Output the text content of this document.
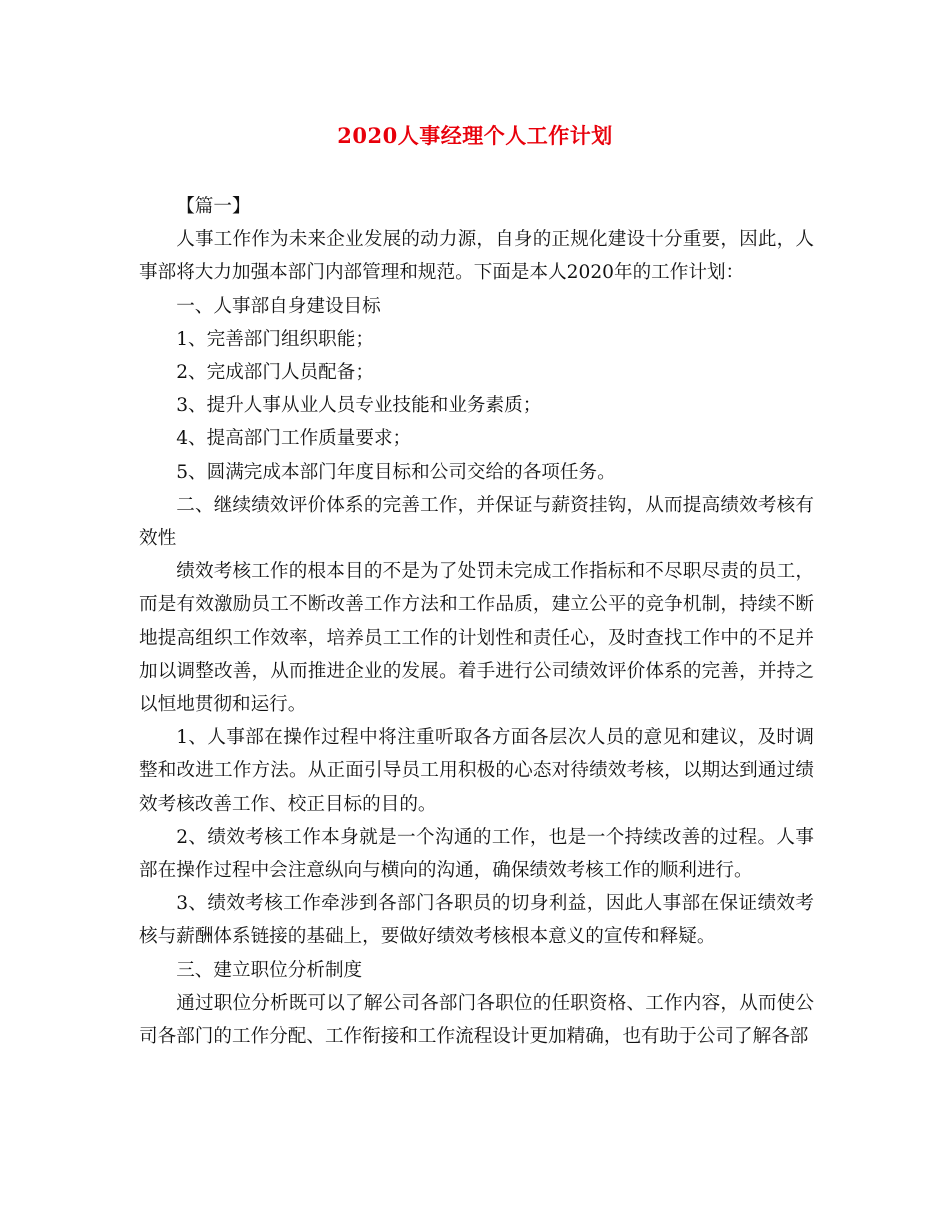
2020人事经理个人工作计划

【篇一】

人事工作作为未来企业发展的动力源，自身的正规化建设十分重要，因此，人事部将大力加强本部门内部管理和规范。下面是本人2020年的工作计划：

一、人事部自身建设目标

1、完善部门组织职能；

2、完成部门人员配备；

3、提升人事从业人员专业技能和业务素质；

4、提高部门工作质量要求；

5、圆满完成本部门年度目标和公司交给的各项任务。

二、继续绩效评价体系的完善工作，并保证与薪资挂钩，从而提高绩效考核有效性

绩效考核工作的根本目的不是为了处罚未完成工作指标和不尽职尽责的员工，而是有效激励员工不断改善工作方法和工作品质，建立公平的竞争机制，持续不断地提高组织工作效率，培养员工工作的计划性和责任心，及时查找工作中的不足并加以调整改善，从而推进企业的发展。着手进行公司绩效评价体系的完善，并持之以恒地贯彻和运行。

1、人事部在操作过程中将注重听取各方面各层次人员的意见和建议，及时调整和改进工作方法。从正面引导员工用积极的心态对待绩效考核，以期达到通过绩效考核改善工作、校正目标的目的。

2、绩效考核工作本身就是一个沟通的工作，也是一个持续改善的过程。人事部在操作过程中会注意纵向与横向的沟通，确保绩效考核工作的顺利进行。

3、绩效考核工作牵涉到各部门各职员的切身利益，因此人事部在保证绩效考核与薪酬体系链接的基础上，要做好绩效考核根本意义的宣传和释疑。

三、建立职位分析制度

通过职位分析既可以了解公司各部门各职位的任职资格、工作内容，从而使公司各部门的工作分配、工作衔接和工作流程设计更加精确，也有助于公司了解各部
